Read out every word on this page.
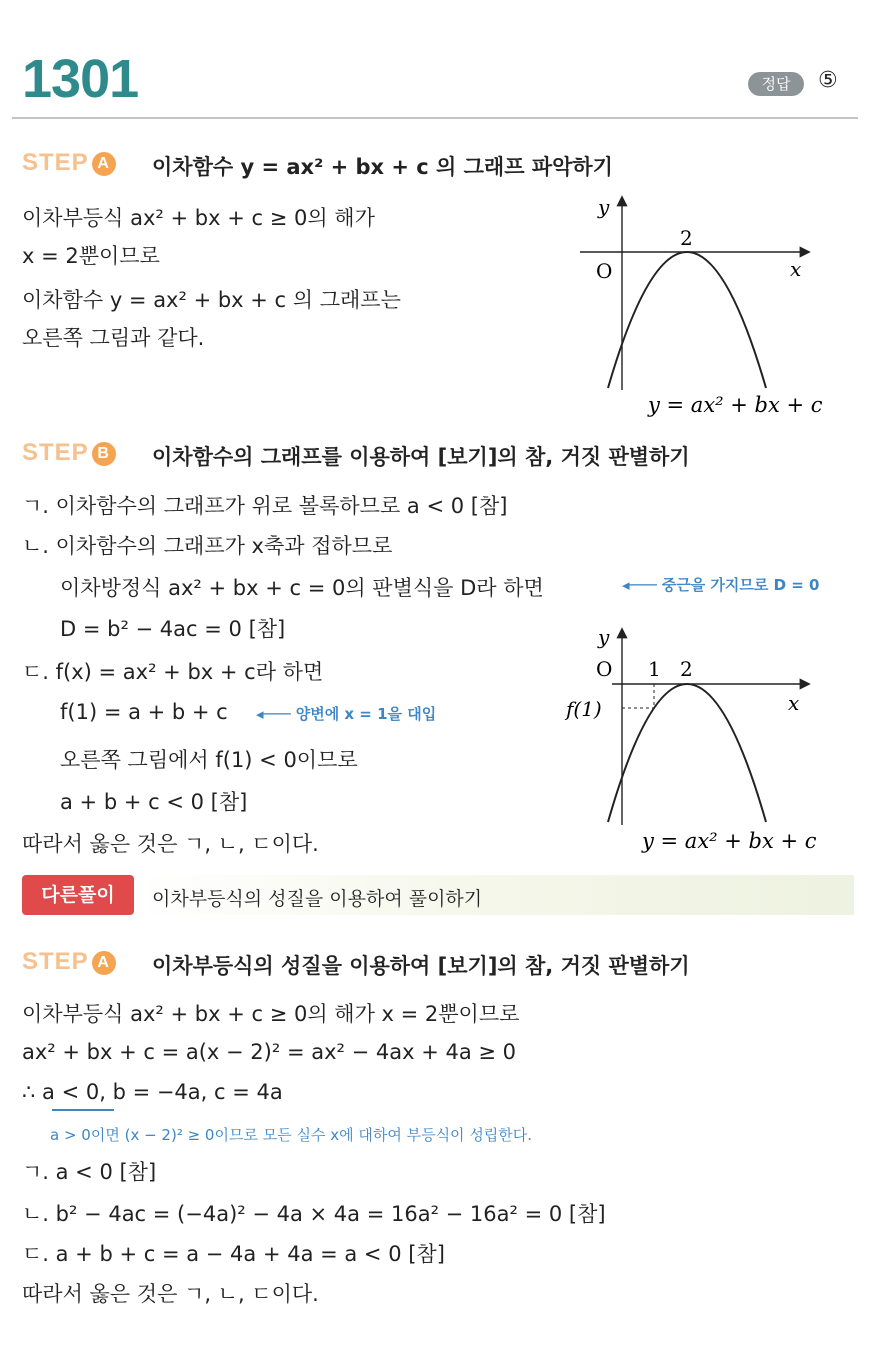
1301	정답	⑤
STEP A 이차함수 y = ax² + bx + c 의 그래프 파악하기
이차부등식 ax² + bx + c ≥ 0의 해가
x = 2뿐이므로
이차함수 y = ax² + bx + c 의 그래프는
오른쪽 그림과 같다.
y
x
O
2
y = ax² + bx + c
STEP B 이차함수의 그래프를 이용하여 [보기]의 참, 거짓 판별하기
ㄱ. 이차함수의 그래프가 위로 볼록하므로 a < 0 [참]
ㄴ. 이차함수의 그래프가 x축과 접하므로
이차방정식 ax² + bx + c = 0의 판별식을 D라 하면	◂─── 중근을 가지므로 D = 0
D = b² − 4ac = 0 [참]
ㄷ. f(x) = ax² + bx + c라 하면
f(1) = a + b + c ◂─── 양변에 x = 1을 대입
오른쪽 그림에서 f(1) < 0이므로
a + b + c < 0 [참]
따라서 옳은 것은 ㄱ, ㄴ, ㄷ이다.
y
x
O 1 2
f(1)
y = ax² + bx + c
다른풀이	이차부등식의 성질을 이용하여 풀이하기
STEP A 이차부등식의 성질을 이용하여 [보기]의 참, 거짓 판별하기
이차부등식 ax² + bx + c ≥ 0의 해가 x = 2뿐이므로
ax² + bx + c = a(x − 2)² = ax² − 4ax + 4a ≥ 0
∴ a < 0, b = −4a, c = 4a
a > 0이면 (x − 2)² ≥ 0이므로 모든 실수 x에 대하여 부등식이 성립한다.
ㄱ. a < 0 [참]
ㄴ. b² − 4ac = (−4a)² − 4a × 4a = 16a² − 16a² = 0 [참]
ㄷ. a + b + c = a − 4a + 4a = a < 0 [참]
따라서 옳은 것은 ㄱ, ㄴ, ㄷ이다.
